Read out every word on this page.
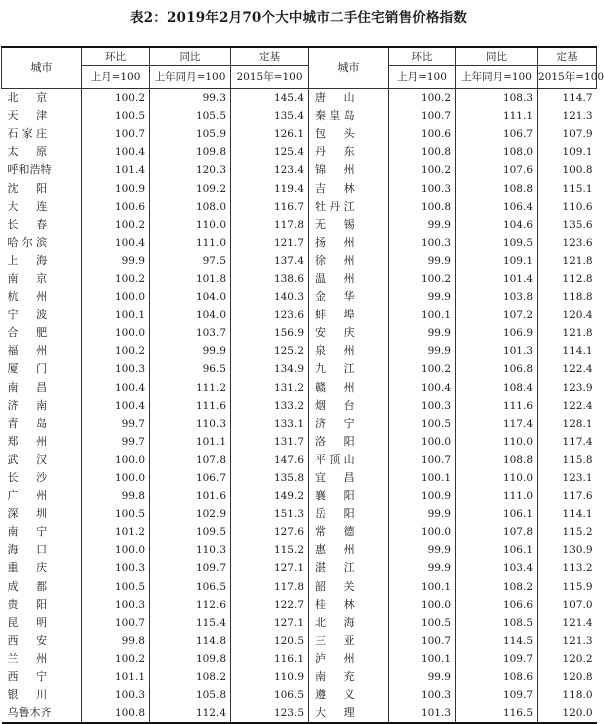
表2：2019年2月70个大中城市二手住宅销售价格指数
城市	环比	同比	定基	城市	环比	同比	定基
	上月=100	上年同月=100	2015年=100		上月=100	上年同月=100	2015年=100
北京	100.2	99.3	145.4	唐山	100.2	108.3	114.7
天津	100.5	105.5	135.4	秦皇岛	100.7	111.1	121.3
石家庄	100.7	105.9	126.1	包头	100.6	106.7	107.9
太原	100.4	109.8	125.4	丹东	100.8	108.0	109.1
呼和浩特	101.4	120.3	123.4	锦州	100.2	107.6	100.8
沈阳	100.9	109.2	119.4	吉林	100.3	108.8	115.1
大连	100.6	108.0	116.7	牡丹江	100.8	106.4	110.6
长春	100.2	110.0	117.8	无锡	99.9	104.6	135.6
哈尔滨	100.4	111.0	121.7	扬州	100.3	109.5	123.6
上海	99.9	97.5	137.4	徐州	99.9	109.1	121.8
南京	100.2	101.8	138.6	温州	100.2	101.4	112.8
杭州	100.0	104.0	140.3	金华	99.9	103.8	118.8
宁波	100.1	104.0	123.6	蚌埠	100.1	107.2	120.4
合肥	100.0	103.7	156.9	安庆	99.9	106.9	121.8
福州	100.2	99.9	125.2	泉州	99.9	101.3	114.1
厦门	100.3	96.5	134.9	九江	100.2	106.8	122.4
南昌	100.4	111.2	131.2	赣州	100.4	108.4	123.9
济南	100.4	111.6	133.2	烟台	100.3	111.6	122.4
青岛	99.7	110.3	133.1	济宁	100.5	117.4	128.1
郑州	99.7	101.1	131.7	洛阳	100.0	110.0	117.4
武汉	100.0	107.8	147.6	平顶山	100.7	108.8	115.8
长沙	100.0	106.7	135.8	宜昌	100.1	110.0	123.1
广州	99.8	101.6	149.2	襄阳	100.9	111.0	117.6
深圳	100.5	102.9	151.3	岳阳	99.9	106.1	114.1
南宁	101.2	109.5	127.6	常德	100.0	107.8	115.2
海口	100.0	110.3	115.2	惠州	99.9	106.1	130.9
重庆	100.3	109.7	127.1	湛江	99.9	103.4	113.2
成都	100.5	106.5	117.8	韶关	100.1	108.2	115.9
贵阳	100.3	112.6	122.7	桂林	100.0	106.6	107.0
昆明	100.7	115.4	127.1	北海	100.5	108.5	121.4
西安	99.8	114.8	120.5	三亚	100.7	114.5	121.3
兰州	100.2	109.8	116.1	泸州	100.1	109.7	120.2
西宁	101.1	108.2	110.9	南充	99.9	108.6	120.8
银川	100.3	105.8	106.5	遵义	100.3	109.7	118.0
乌鲁木齐	100.8	112.4	123.5	大理	101.3	116.5	120.0
